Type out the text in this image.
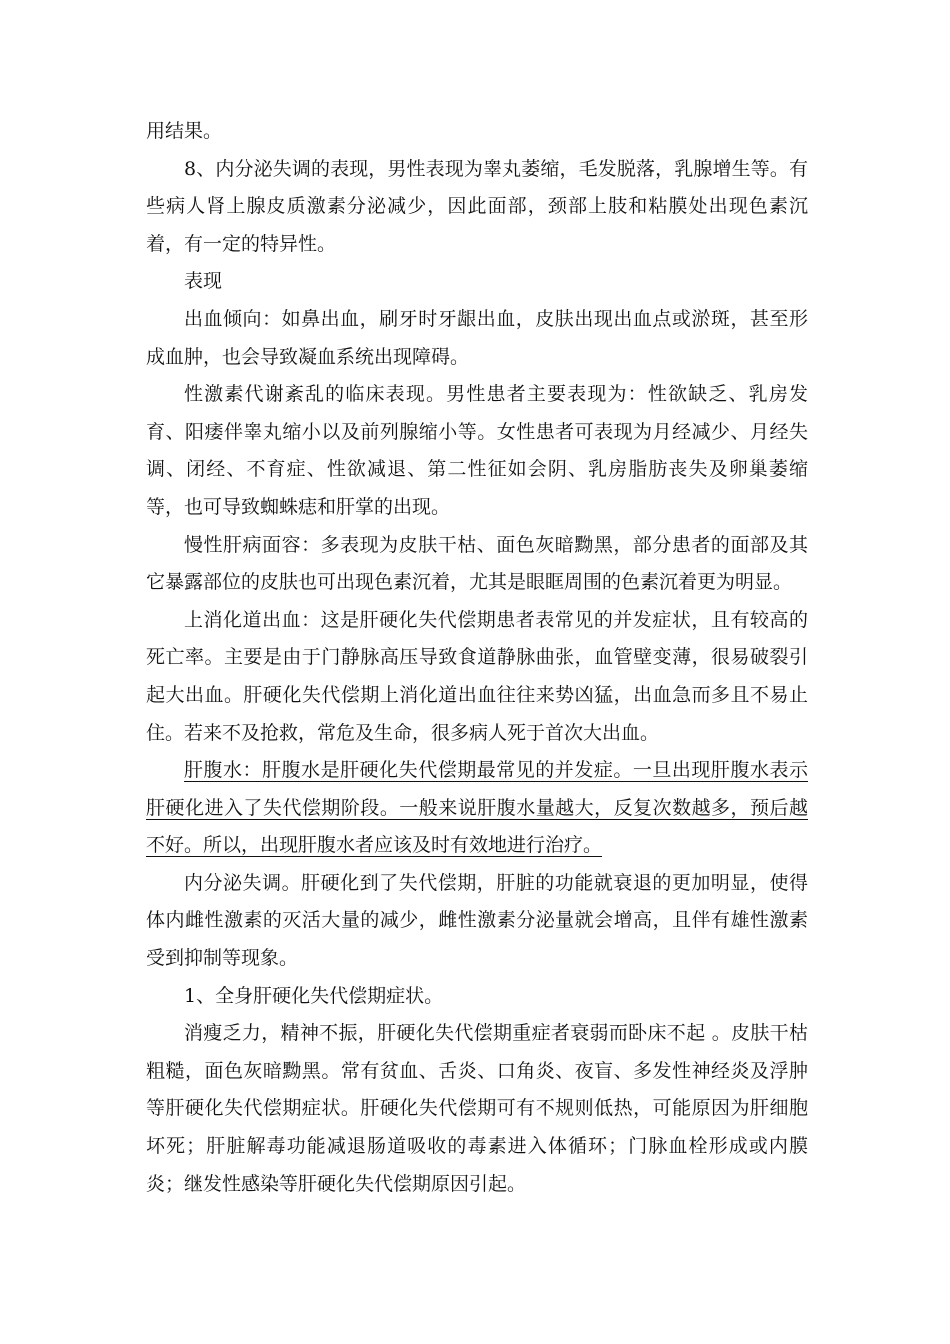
用结果。

8、内分泌失调的表现，男性表现为睾丸萎缩，毛发脱落，乳腺增生等。有些病人肾上腺皮质激素分泌减少，因此面部，颈部上肢和粘膜处出现色素沉着，有一定的特异性。

表现

出血倾向：如鼻出血，刷牙时牙龈出血，皮肤出现出血点或淤斑，甚至形成血肿，也会导致凝血系统出现障碍。

性激素代谢紊乱的临床表现。男性患者主要表现为：性欲缺乏、乳房发育、阳痿伴睾丸缩小以及前列腺缩小等。女性患者可表现为月经减少、月经失调、闭经、不育症、性欲减退、第二性征如会阴、乳房脂肪丧失及卵巢萎缩等，也可导致蜘蛛痣和肝掌的出现。

慢性肝病面容：多表现为皮肤干枯、面色灰暗黝黑，部分患者的面部及其它暴露部位的皮肤也可出现色素沉着，尤其是眼眶周围的色素沉着更为明显。

上消化道出血：这是肝硬化失代偿期患者表常见的并发症状，且有较高的死亡率。主要是由于门静脉高压导致食道静脉曲张，血管壁变薄，很易破裂引起大出血。肝硬化失代偿期上消化道出血往往来势凶猛，出血急而多且不易止住。若来不及抢救，常危及生命，很多病人死于首次大出血。

肝腹水：肝腹水是肝硬化失代偿期最常见的并发症。一旦出现肝腹水表示肝硬化进入了失代偿期阶段。一般来说肝腹水量越大，反复次数越多，预后越不好。所以，出现肝腹水者应该及时有效地进行治疗。

内分泌失调。肝硬化到了失代偿期，肝脏的功能就衰退的更加明显，使得体内雌性激素的灭活大量的减少，雌性激素分泌量就会增高，且伴有雄性激素受到抑制等现象。

1、全身肝硬化失代偿期症状。

消瘦乏力，精神不振，肝硬化失代偿期重症者衰弱而卧床不起 。皮肤干枯粗糙，面色灰暗黝黑。常有贫血、舌炎、口角炎、夜盲、多发性神经炎及浮肿等肝硬化失代偿期症状。肝硬化失代偿期可有不规则低热，可能原因为肝细胞坏死；肝脏解毒功能减退肠道吸收的毒素进入体循环；门脉血栓形成或内膜炎；继发性感染等肝硬化失代偿期原因引起。
